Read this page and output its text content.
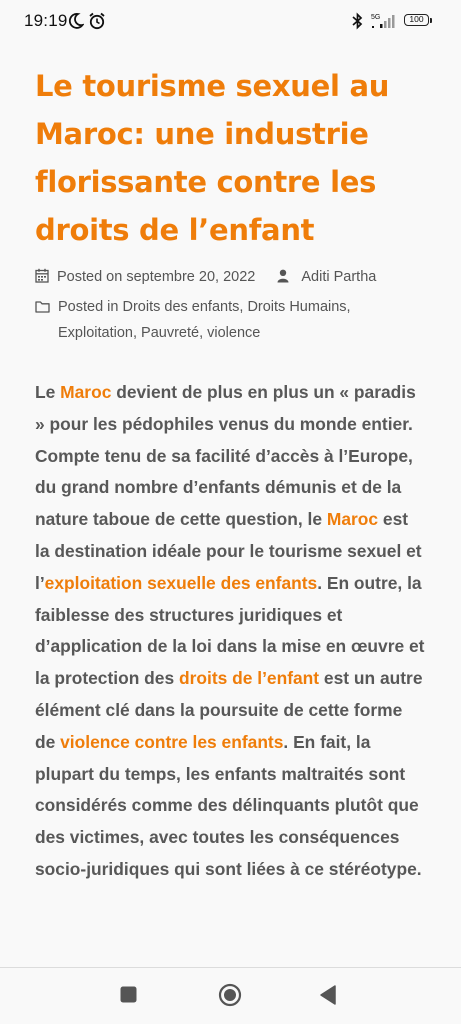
19:19	5G	100
Le tourisme sexuel au Maroc: une industrie florissante contre les droits de l’enfant
Posted on septembre 20, 2022	Aditi Partha
Posted in Droits des enfants, Droits Humains,
Exploitation, Pauvreté, violence

Le Maroc devient de plus en plus un « paradis » pour les pédophiles venus du monde entier. Compte tenu de sa facilité d’accès à l’Europe, du grand nombre d’enfants démunis et de la nature taboue de cette question, le Maroc est la destination idéale pour le tourisme sexuel et l’exploitation sexuelle des enfants. En outre, la faiblesse des structures juridiques et d’application de la loi dans la mise en œuvre et la protection des droits de l’enfant est un autre élément clé dans la poursuite de cette forme de violence contre les enfants. En fait, la plupart du temps, les enfants maltraités sont considérés comme des délinquants plutôt que des victimes, avec toutes les conséquences socio-juridiques qui sont liées à ce stéréotype.
